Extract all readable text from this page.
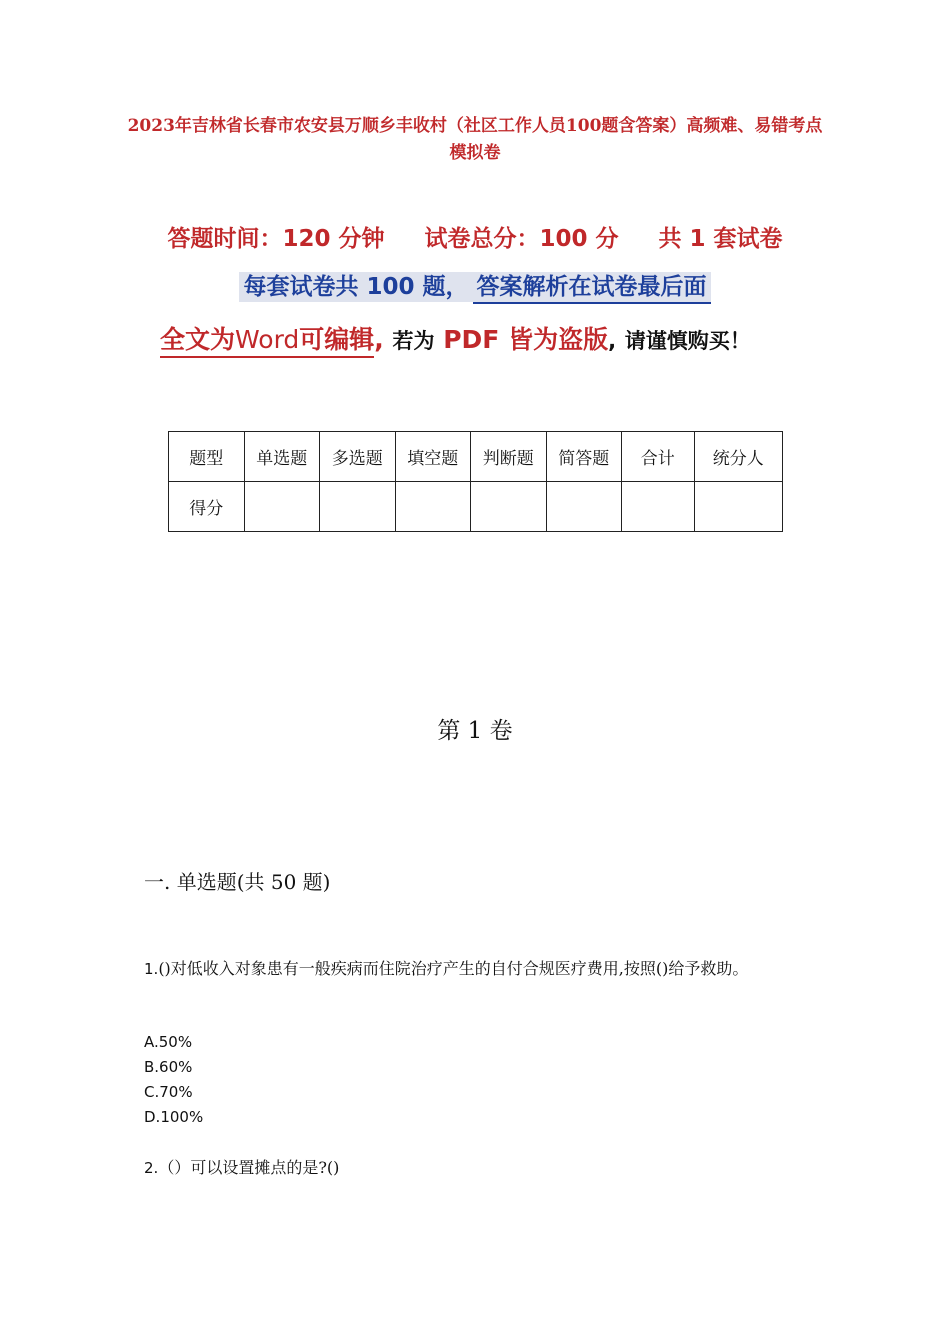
2023年吉林省长春市农安县万顺乡丰收村（社区工作人员100题含答案）高频难、易错考点模拟卷
答题时间：120 分钟 试卷总分：100 分 共 1 套试卷
每套试卷共 100 题， 答案解析在试卷最后面
全文为Word可编辑, 若为 PDF 皆为盗版, 请谨慎购买！
题型	单选题	多选题	填空题	判断题	简答题	合计	统分人
得分							
第 1 卷
一. 单选题(共 50 题)
1.()对低收入对象患有一般疾病而住院治疗产生的自付合规医疗费用,按照()给予救助。
A.50%
B.60%
C.70%
D.100%
2.（）可以设置摊点的是?()
